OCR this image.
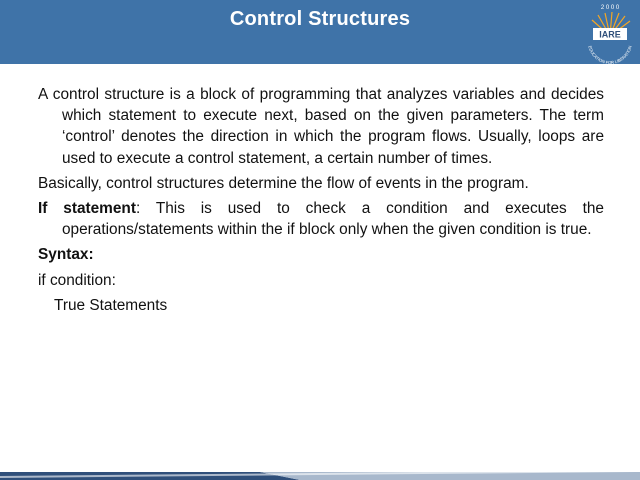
Control Structures
IARE
2 0 0 0
EDUCATION FOR LIBERATION
A control structure is a block of programming that analyzes variables and decides which statement to execute next, based on the given parameters. The term ‘control’ denotes the direction in which the program flows. Usually, loops are used to execute a control statement, a certain number of times.
Basically, control structures determine the flow of events in the program.
If statement: This is used to check a condition and executes the operations/statements within the if block only when the given condition is true.
Syntax:
if condition:
True Statements
